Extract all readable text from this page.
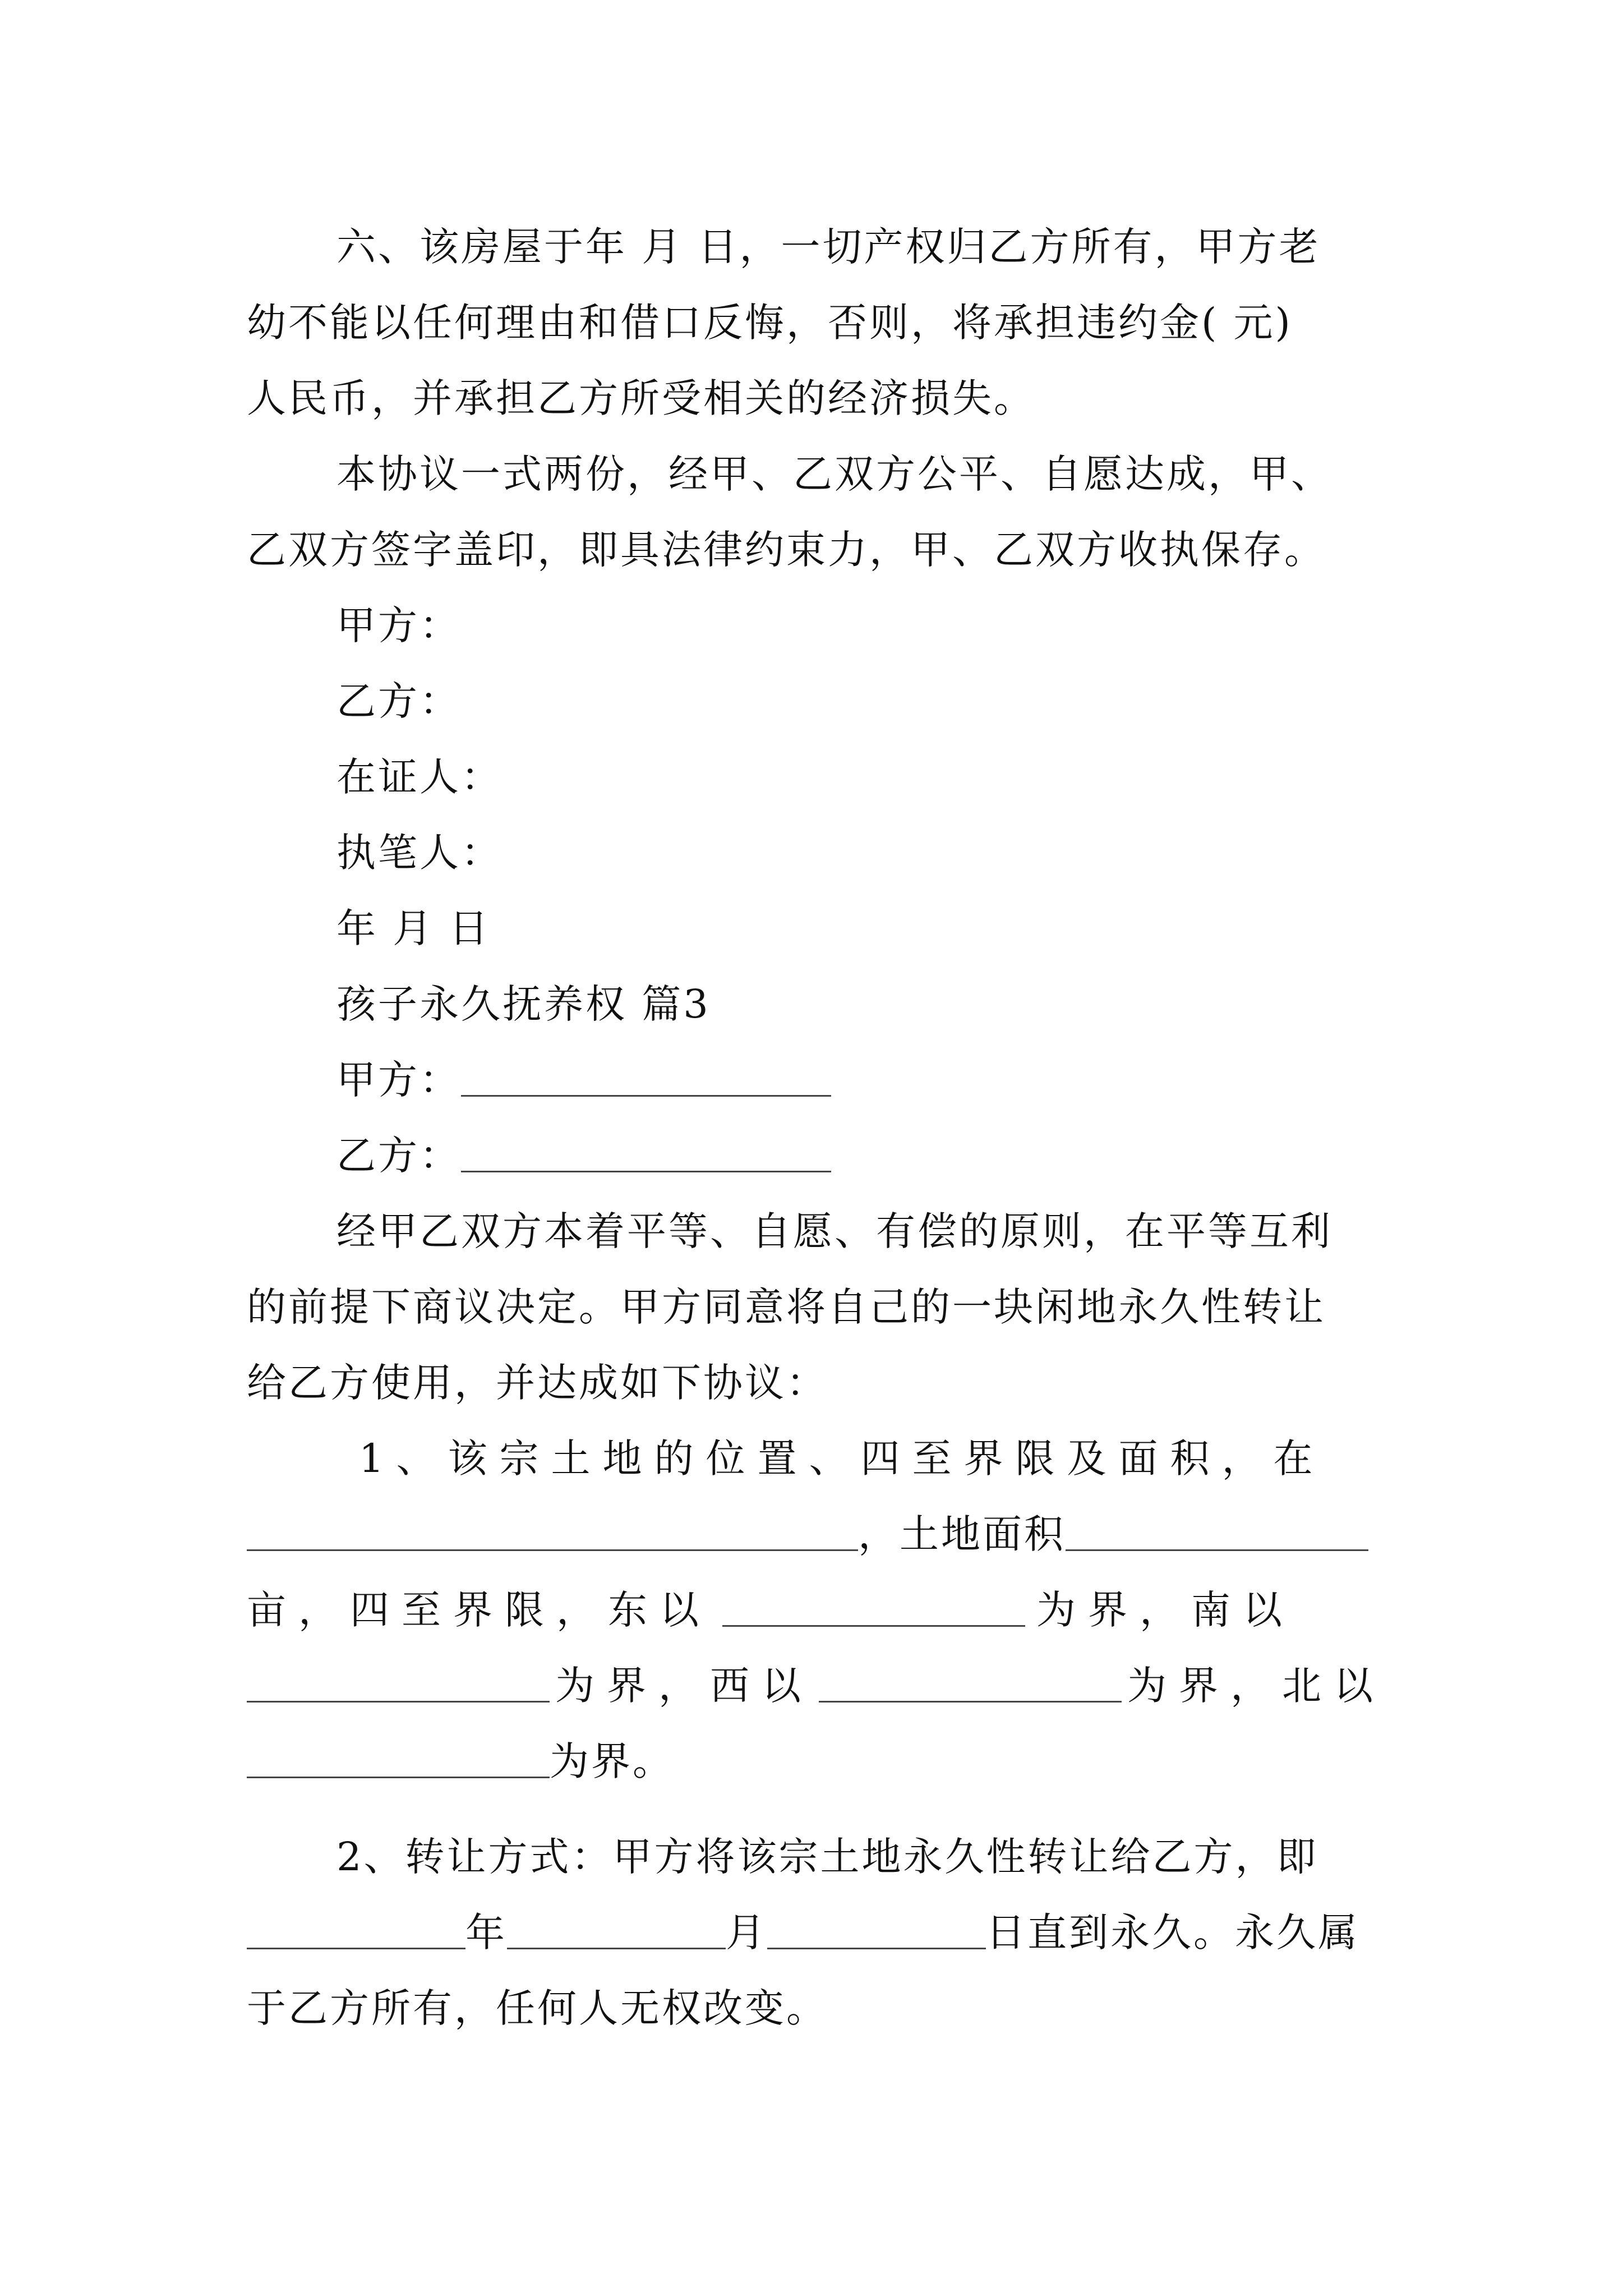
六、该房屋于年 月 日，一切产权归乙方所有，甲方老
幼不能以任何理由和借口反悔，否则，将承担违约金( 元)
人民币，并承担乙方所受相关的经济损失。
本协议一式两份，经甲、乙双方公平、自愿达成，甲、
乙双方签字盖印，即具法律约束力，甲、乙双方收执保存。
甲方：
乙方：
在证人：
执笔人：
年 月 日
孩子永久抚养权 篇3
甲方：
乙方：
经甲乙双方本着平等、自愿、有偿的原则，在平等互利
的前提下商议决定。甲方同意将自己的一块闲地永久性转让
给乙方使用，并达成如下协议：
1、该宗土地的位置、四至界限及面积，在
，土地面积
亩，四至界限，东以	为界，南以
为界，西以	为界，北以
为界。
2、转让方式：甲方将该宗土地永久性转让给乙方，即
年	月	日直到永久。永久属
于乙方所有，任何人无权改变。
